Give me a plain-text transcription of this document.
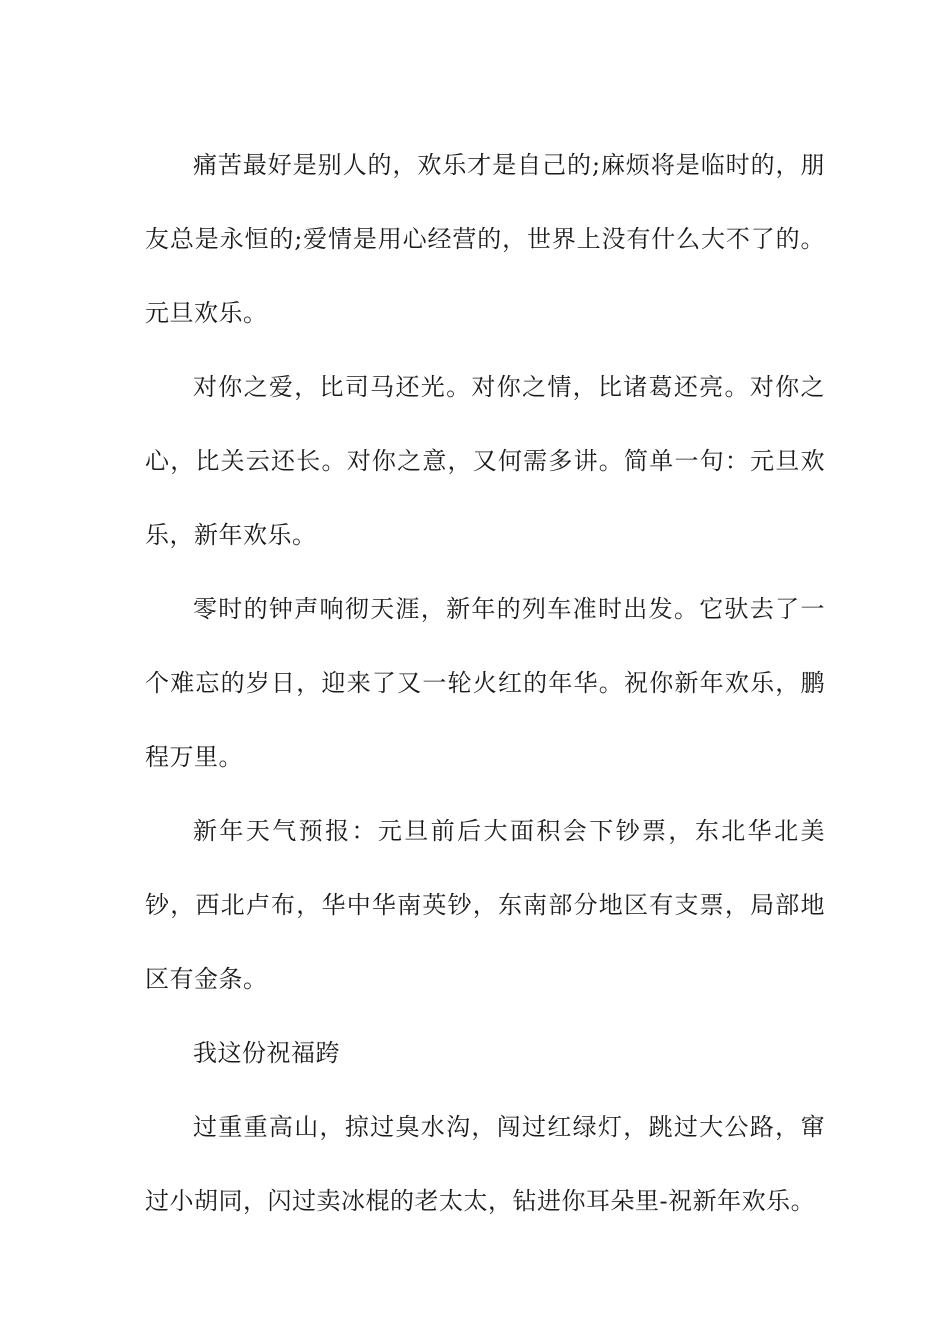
痛苦最好是别人的，欢乐才是自己的;麻烦将是临时的，朋友总是永恒的;爱情是用心经营的，世界上没有什么大不了的。元旦欢乐。

对你之爱，比司马还光。对你之情，比诸葛还亮。对你之心，比关云还长。对你之意，又何需多讲。简单一句：元旦欢乐，新年欢乐。

零时的钟声响彻天涯，新年的列车准时出发。它驮去了一个难忘的岁日，迎来了又一轮火红的年华。祝你新年欢乐，鹏程万里。

新年天气预报：元旦前后大面积会下钞票，东北华北美钞，西北卢布，华中华南英钞，东南部分地区有支票，局部地区有金条。

我这份祝福跨

过重重高山，掠过臭水沟，闯过红绿灯，跳过大公路，窜过小胡同，闪过卖冰棍的老太太，钻进你耳朵里-祝新年欢乐。
